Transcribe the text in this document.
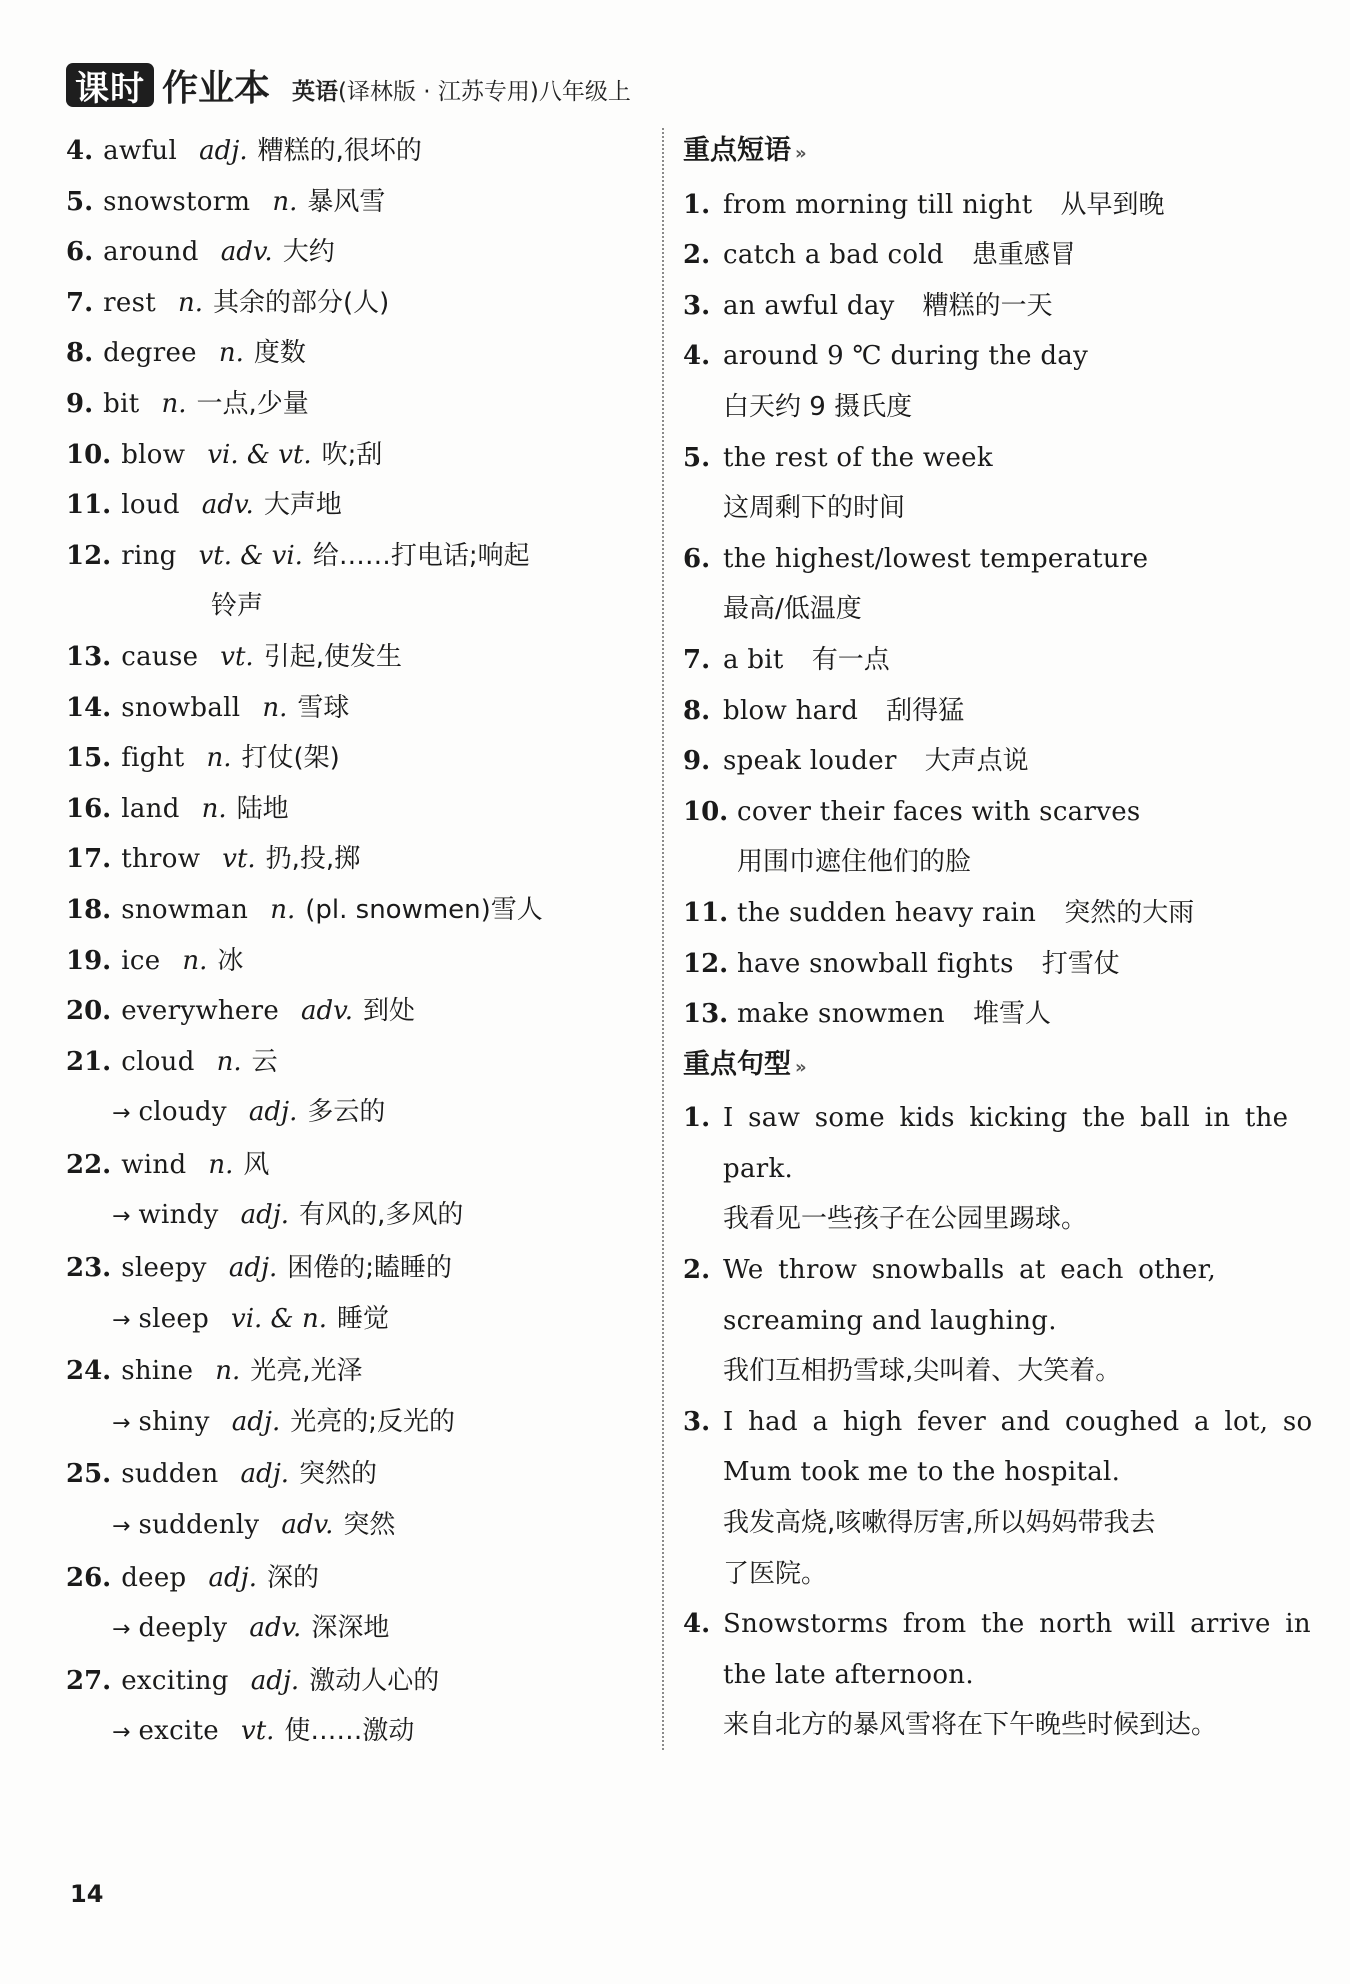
课时 作业本 英语(译林版 · 江苏专用)八年级上
4. awful adj. 糟糕的,很坏的
5. snowstorm n. 暴风雪
6. around adv. 大约
7. rest n. 其余的部分(人)
8. degree n. 度数
9. bit n. 一点,少量
10. blow vi. & vt. 吹;刮
11. loud adv. 大声地
12. ring vt. & vi. 给……打电话;响起
铃声
13. cause vt. 引起,使发生
14. snowball n. 雪球
15. fight n. 打仗(架)
16. land n. 陆地
17. throw vt. 扔,投,掷
18. snowman n. (pl. snowmen)雪人
19. ice n. 冰
20. everywhere adv. 到处
21. cloud n. 云
→ cloudy adj. 多云的
22. wind n. 风
→ windy adj. 有风的,多风的
23. sleepy adj. 困倦的;瞌睡的
→ sleep vi. & n. 睡觉
24. shine n. 光亮,光泽
→ shiny adj. 光亮的;反光的
25. sudden adj. 突然的
→ suddenly adv. 突然
26. deep adj. 深的
→ deeply adv. 深深地
27. exciting adj. 激动人心的
→ excite vt. 使……激动
重点短语 »
1. from morning till night 从早到晚
2. catch a bad cold 患重感冒
3. an awful day 糟糕的一天
4. around 9 ℃ during the day
白天约 9 摄氏度
5. the rest of the week
这周剩下的时间
6. the highest/lowest temperature
最高/低温度
7. a bit 有一点
8. blow hard 刮得猛
9. speak louder 大声点说
10. cover their faces with scarves
用围巾遮住他们的脸
11. the sudden heavy rain 突然的大雨
12. have snowball fights 打雪仗
13. make snowmen 堆雪人
重点句型 »
1. I saw some kids kicking the ball in the
park.
我看见一些孩子在公园里踢球。
2. We throw snowballs at each other,
screaming and laughing.
我们互相扔雪球,尖叫着、大笑着。
3. I had a high fever and coughed a lot, so
Mum took me to the hospital.
我发高烧,咳嗽得厉害,所以妈妈带我去
了医院。
4. Snowstorms from the north will arrive in
the late afternoon.
来自北方的暴风雪将在下午晚些时候到达。
14
